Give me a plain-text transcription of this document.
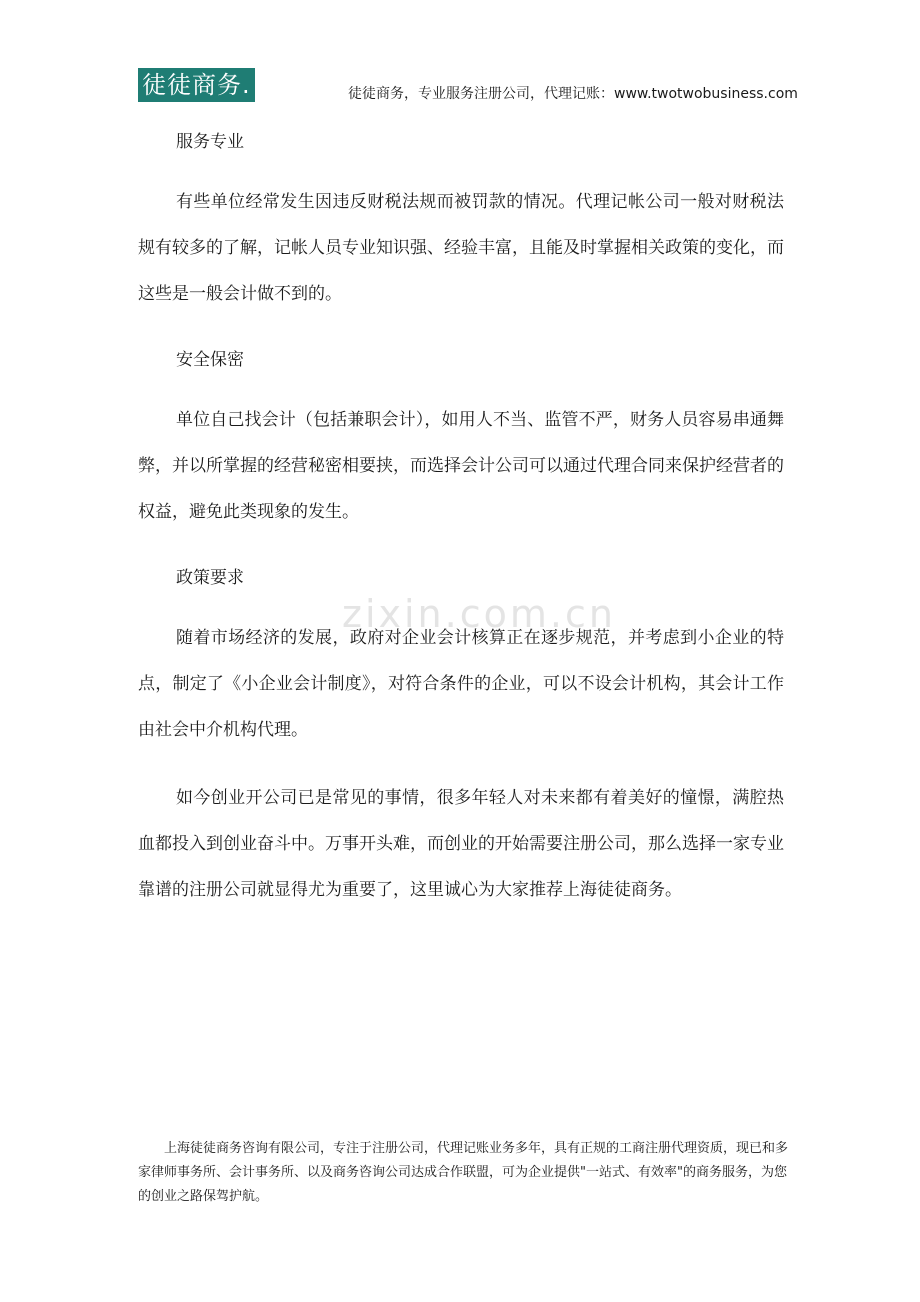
徒徒商务.	徒徒商务，专业服务注册公司，代理记账：www.twotwobusiness.com
zixin.com.cn
服务专业
有些单位经常发生因违反财税法规而被罚款的情况。代理记帐公司一般对财税法规有较多的了解，记帐人员专业知识强、经验丰富，且能及时掌握相关政策的变化，而这些是一般会计做不到的。
安全保密
单位自己找会计（包括兼职会计），如用人不当、监管不严，财务人员容易串通舞弊，并以所掌握的经营秘密相要挟，而选择会计公司可以通过代理合同来保护经营者的权益，避免此类现象的发生。
政策要求
随着市场经济的发展，政府对企业会计核算正在逐步规范，并考虑到小企业的特点，制定了《小企业会计制度》，对符合条件的企业，可以不设会计机构，其会计工作由社会中介机构代理。
如今创业开公司已是常见的事情，很多年轻人对未来都有着美好的憧憬，满腔热血都投入到创业奋斗中。万事开头难，而创业的开始需要注册公司，那么选择一家专业靠谱的注册公司就显得尤为重要了，这里诚心为大家推荐上海徒徒商务。
上海徒徒商务咨询有限公司，专注于注册公司，代理记账业务多年，具有正规的工商注册代理资质，现已和多家律师事务所、会计事务所、以及商务咨询公司达成合作联盟，可为企业提供"一站式、有效率"的商务服务，为您的创业之路保驾护航。
